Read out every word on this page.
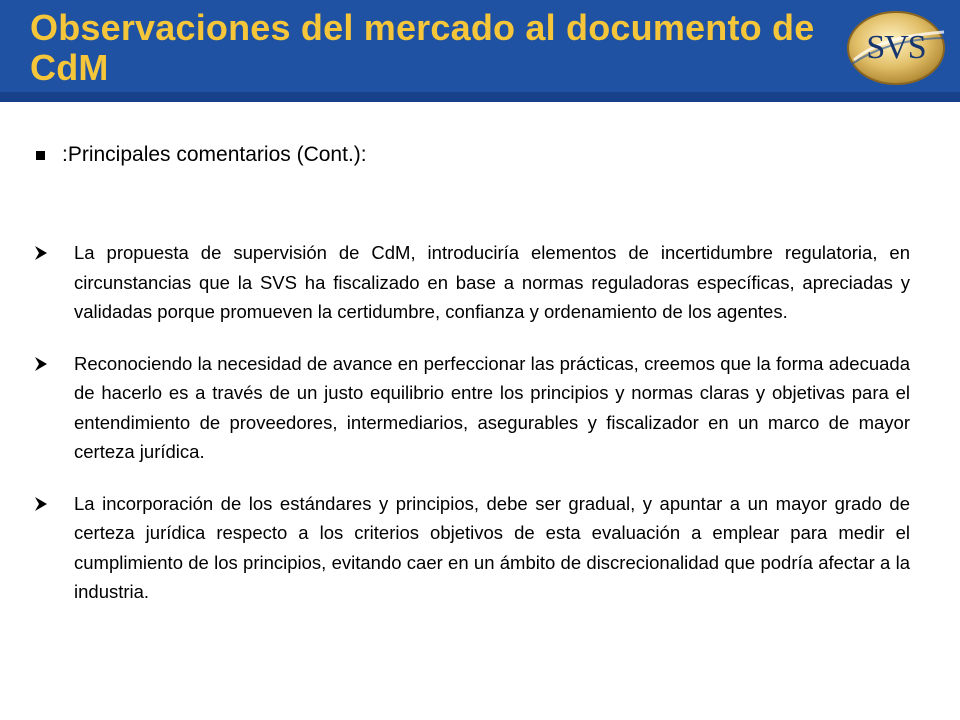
Observaciones del mercado al documento de CdM	SVS
:Principales comentarios (Cont.):

La propuesta de supervisión de CdM, introduciría elementos de incertidumbre regulatoria, en circunstancias que la SVS ha fiscalizado en base a normas reguladoras específicas, apreciadas y validadas porque promueven la certidumbre, confianza y ordenamiento de los agentes.

Reconociendo la necesidad de avance en perfeccionar las prácticas, creemos que la forma adecuada de hacerlo es a través de un justo equilibrio entre los principios y normas claras y objetivas para el entendimiento de proveedores, intermediarios, asegurables y fiscalizador en un marco de mayor certeza jurídica.

La incorporación de los estándares y principios, debe ser gradual, y apuntar a un mayor grado de certeza jurídica respecto a los criterios objetivos de esta evaluación a emplear para medir el cumplimiento de los principios, evitando caer en un ámbito de discrecionalidad que podría afectar a la industria.
